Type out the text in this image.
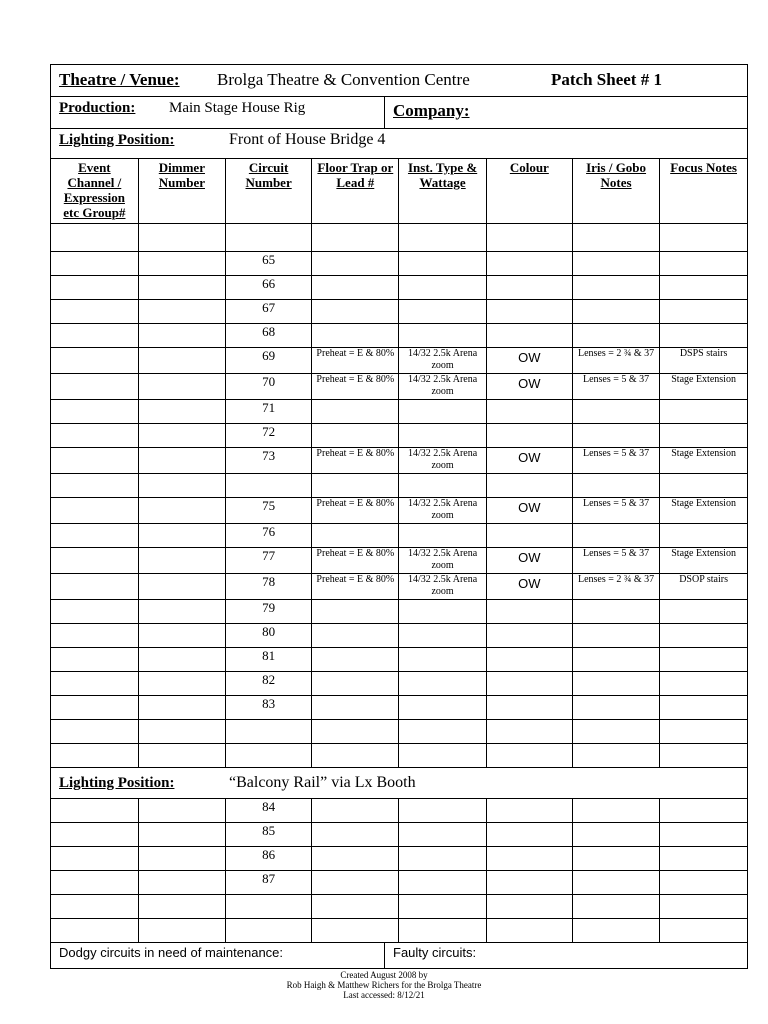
Theatre / Venue: Brolga Theatre & Convention Centre	Patch Sheet # 1
Production: Main Stage House Rig	Company:
Lighting Position:	Front of House Bridge 4
Event Channel / Expression etc Group#	Dimmer Number	Circuit Number	Floor Trap or Lead #	Inst. Type & Wattage	Colour	Iris / Gobo Notes	Focus Notes

		65					

		66					

		67					

		68					

		69	Preheat = E & 80%	14/32 2.5k Arena zoom	OW	Lenses = 2 ¾ & 37	DSPS stairs

		70	Preheat = E & 80%	14/32 2.5k Arena zoom	OW	Lenses = 5 & 37	Stage Extension

		71					

		72					

		73	Preheat = E & 80%	14/32 2.5k Arena zoom	OW	Lenses = 5 & 37	Stage Extension

		75	Preheat = E & 80%	14/32 2.5k Arena zoom	OW	Lenses = 5 & 37	Stage Extension

		76					

		77	Preheat = E & 80%	14/32 2.5k Arena zoom	OW	Lenses = 5 & 37	Stage Extension

		78	Preheat = E & 80%	14/32 2.5k Arena zoom	OW	Lenses = 2 ¾ & 37	DSOP stairs

		79					

		80					

		81					

		82					

		83					

Lighting Position:	“Balcony Rail” via Lx Booth

		84					

		85					

		86					

		87					

Dodgy circuits in need of maintenance:	Faulty circuits:
Created August 2008 by
Rob Haigh & Matthew Richers for the Brolga Theatre
Last accessed: 8/12/21
